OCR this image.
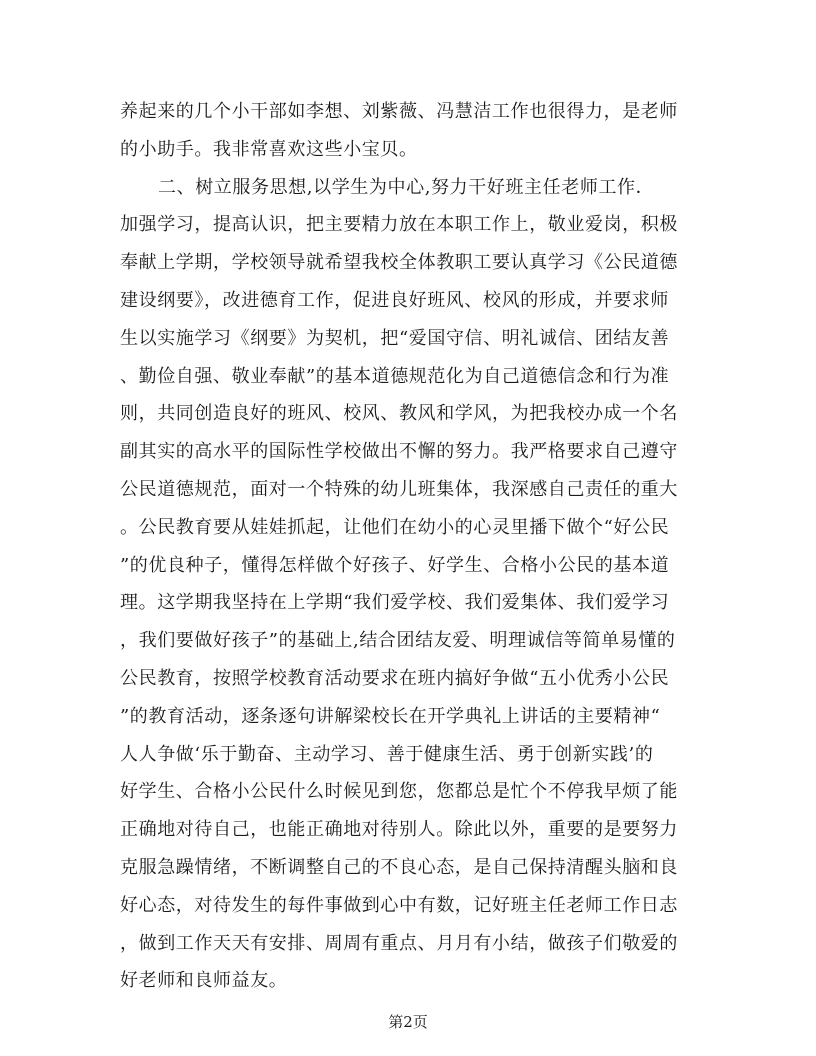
养起来的几个小干部如李想、刘紫薇、冯慧洁工作也很得力，是老师
的小助手。我非常喜欢这些小宝贝。
二、树立服务思想,以学生为中心,努力干好班主任老师工作．
加强学习，提高认识，把主要精力放在本职工作上，敬业爱岗，积极
奉献上学期，学校领导就希望我校全体教职工要认真学习《公民道德
建设纲要》，改进德育工作，促进良好班风、校风的形成，并要求师
生以实施学习《纲要》为契机，把“爱国守信、明礼诚信、团结友善
、勤俭自强、敬业奉献”的基本道德规范化为自己道德信念和行为准
则，共同创造良好的班风、校风、教风和学风，为把我校办成一个名
副其实的高水平的国际性学校做出不懈的努力。我严格要求自己遵守
公民道德规范，面对一个特殊的幼儿班集体，我深感自己责任的重大
。公民教育要从娃娃抓起，让他们在幼小的心灵里播下做个“好公民
”的优良种子，懂得怎样做个好孩子、好学生、合格小公民的基本道
理。这学期我坚持在上学期“我们爱学校、我们爱集体、我们爱学习
，我们要做好孩子”的基础上,结合团结友爱、明理诚信等简单易懂的
公民教育，按照学校教育活动要求在班内搞好争做“五小优秀小公民
”的教育活动，逐条逐句讲解梁校长在开学典礼上讲话的主要精神“
人人争做‘乐于勤奋、主动学习、善于健康生活、勇于创新实践’的
好学生、合格小公民什么时候见到您，您都总是忙个不停我早烦了能
正确地对待自己，也能正确地对待别人。除此以外，重要的是要努力
克服急躁情绪，不断调整自己的不良心态，是自己保持清醒头脑和良
好心态，对待发生的每件事做到心中有数，记好班主任老师工作日志
，做到工作天天有安排、周周有重点、月月有小结，做孩子们敬爱的
好老师和良师益友。
第2页
